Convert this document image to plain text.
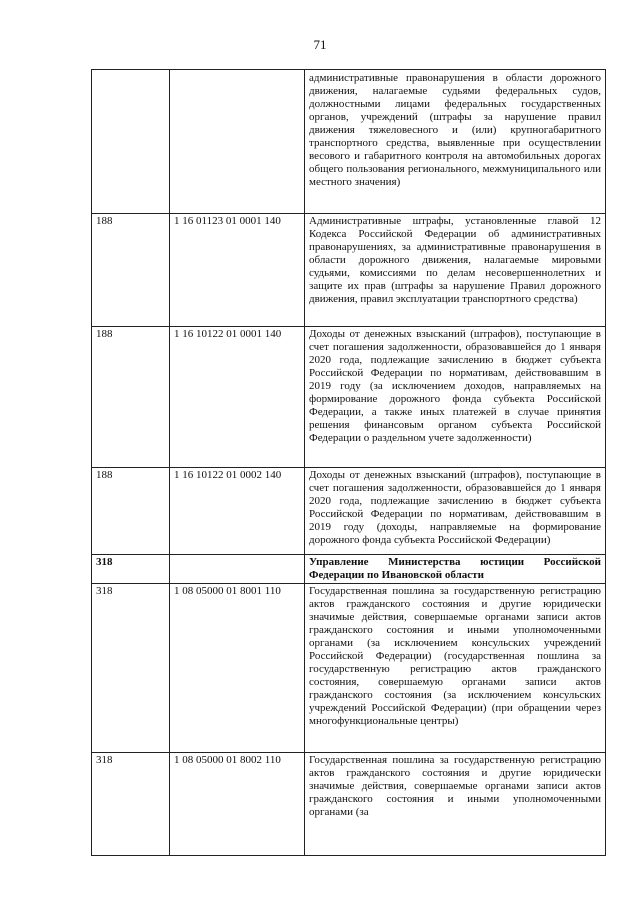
71
		административные правонарушения в области дорожного движения, налагаемые судьями федеральных судов, должностными лицами федеральных государственных органов, учреждений (штрафы за нарушение правил движения тяжеловесного и (или) крупногабаритного транспортного средства, выявленные при осуществлении весового и габаритного контроля на автомобильных дорогах общего пользования регионального, межмуниципального или местного значения)
188	1 16 01123 01 0001 140	Административные штрафы, установленные главой 12 Кодекса Российской Федерации об административных правонарушениях, за административные правонарушения в области дорожного движения, налагаемые мировыми судьями, комиссиями по делам несовершеннолетних и защите их прав (штрафы за нарушение Правил дорожного движения, правил эксплуатации транспортного средства)
188	1 16 10122 01 0001 140	Доходы от денежных взысканий (штрафов), поступающие в счет погашения задолженности, образовавшейся до 1 января 2020 года, подлежащие зачислению в бюджет субъекта Российской Федерации по нормативам, действовавшим в 2019 году (за исключением доходов, направляемых на формирование дорожного фонда субъекта Российской Федерации, а также иных платежей в случае принятия решения финансовым органом субъекта Российской Федерации о раздельном учете задолженности)
188	1 16 10122 01 0002 140	Доходы от денежных взысканий (штрафов), поступающие в счет погашения задолженности, образовавшейся до 1 января 2020 года, подлежащие зачислению в бюджет субъекта Российской Федерации по нормативам, действовавшим в 2019 году (доходы, направляемые на формирование дорожного фонда субъекта Российской Федерации)
318		Управление Министерства юстиции Российской Федерации по Ивановской области
318	1 08 05000 01 8001 110	Государственная пошлина за государственную регистрацию актов гражданского состояния и другие юридически значимые действия, совершаемые органами записи актов гражданского состояния и иными уполномоченными органами (за исключением консульских учреждений Российской Федерации) (государственная пошлина за государственную регистрацию актов гражданского состояния, совершаемую органами записи актов гражданского состояния (за исключением консульских учреждений Российской Федерации) (при обращении через многофункциональные центры)
318	1 08 05000 01 8002 110	Государственная пошлина за государственную регистрацию актов гражданского состояния и другие юридически значимые действия, совершаемые органами записи актов гражданского состояния и иными уполномоченными органами (за
